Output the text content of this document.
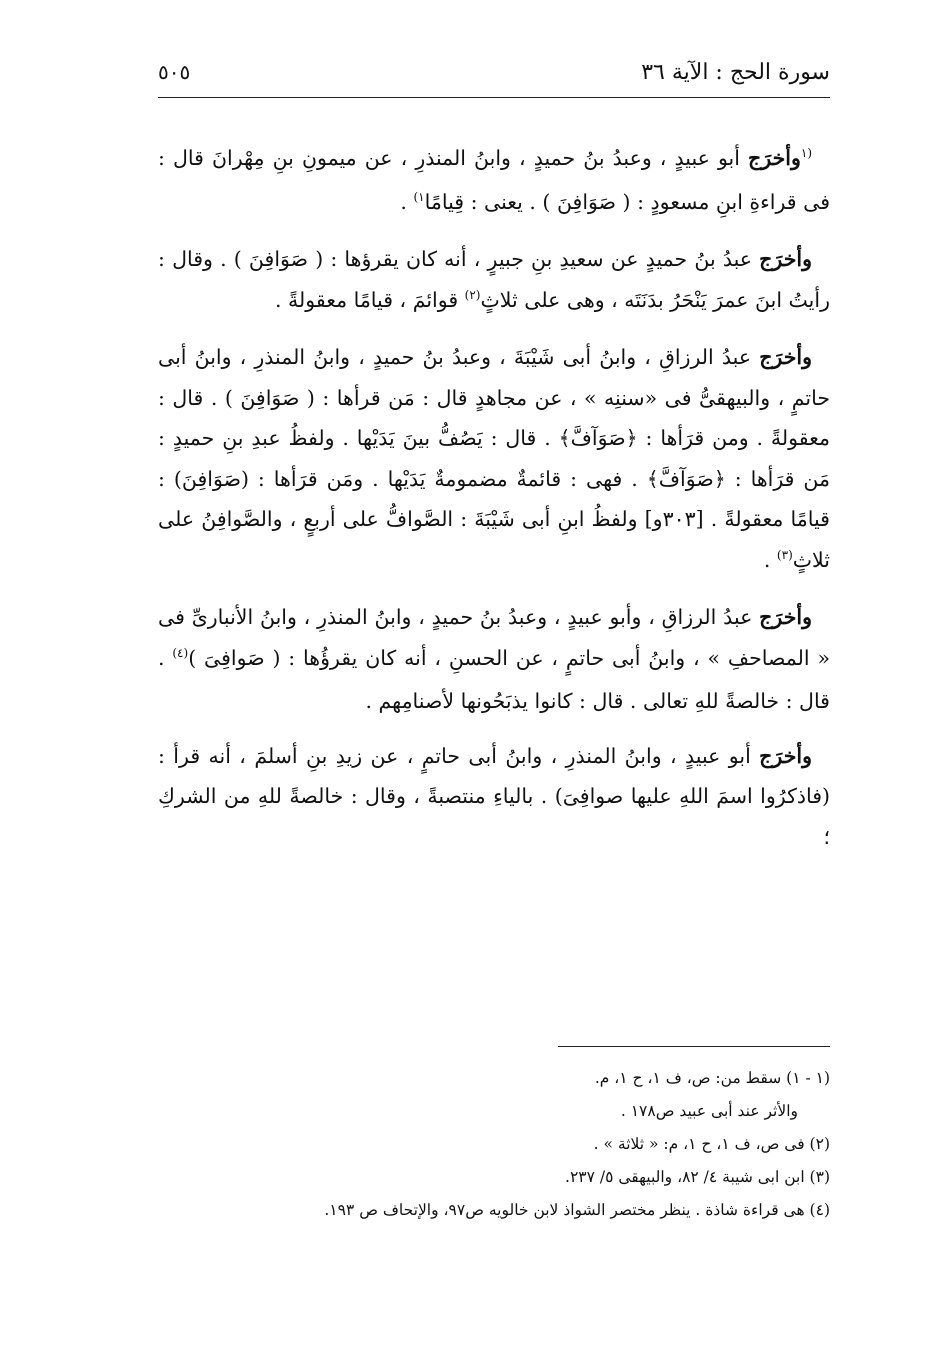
سورة الحج : الآية ٣٦
٥٠٥

$^{(١}$وأخرَج أبو عبيدٍ ، وعبدُ بنُ حميدٍ ، وابنُ المنذرِ ، عن ميمونِ بنِ مِهْرانَ قال : فى قراءةِ ابنِ مسعودٍ : ( صَوَافِنَ ) . يعنى : قِيامًا$^{١)}$ .

وأخرَج عبدُ بنُ حميدٍ عن سعيدِ بنِ جبيرٍ ، أنه كان يقرؤها : ( صَوَافِنَ ) . وقال : رأيتُ ابنَ عمرَ يَنْحَرُ بدَنَتَه ، وهى على ثلاثٍ$^{(٢)}$ قوائمَ ، قيامًا معقولةً .

وأخرَج عبدُ الرزاقِ ، وابنُ أبى شَيْبَةَ ، وعبدُ بنُ حميدٍ ، وابنُ المنذرِ ، وابنُ أبى حاتمٍ ، والبيهقىُّ فى «سننِه » ، عن مجاهدٍ قال : مَن قرأها : ( صَوَافِنَ ) . قال : معقولةً . ومن قرَأها : ﴿صَوَآفَّ﴾ . قال : يَصُفُّ بينَ يَدَيْها . ولفظُ عبدِ بنِ حميدٍ : مَن قرَأها : ﴿صَوَآفَّ﴾ . فهى : قائمةٌ مضمومةٌ يَدَيْها . ومَن قرَأها : (صَوَافِنَ) : قيامًا معقولةً . [٣٠٣و] ولفظُ ابنِ أبى شَيْبَةَ : الصَّوافُّ على أربعٍ ، والصَّوافِنُ على ثلاثٍ$^{(٣)}$ .

وأخرَج عبدُ الرزاقِ ، وأبو عبيدٍ ، وعبدُ بنُ حميدٍ ، وابنُ المنذرِ ، وابنُ الأنبارىِّ فى « المصاحفِ » ، وابنُ أبى حاتمٍ ، عن الحسنِ ، أنه كان يقرؤُها : ( صَوافِىَ )$^{(٤)}$ . قال : خالصةً للهِ تعالى . قال : كانوا يذبَحُونها لأصنامِهم .

وأخرَج أبو عبيدٍ ، وابنُ المنذرِ ، وابنُ أبى حاتمٍ ، عن زيدِ بنِ أسلمَ ، أنه قرأ : (فاذكرُوا اسمَ اللهِ عليها صوافِىَ) . بالياءِ منتصبةً ، وقال : خالصةً للهِ من الشركِ ؛

(١ - ١) سقط من: ص، ف ١، ح ١، م.

والأثر عند أبى عبيد ص١٧٨ .

(٢) فى ص، ف ١، ح ١، م: « ثلاثة » .

(٣) ابن ابى شيبة ٤/ ٨٢، والبيهقى ٥/ ٢٣٧.

(٤) هى قراءة شاذة . ينظر مختصر الشواذ لابن خالويه ص٩٧، والإتحاف ص ١٩٣.
